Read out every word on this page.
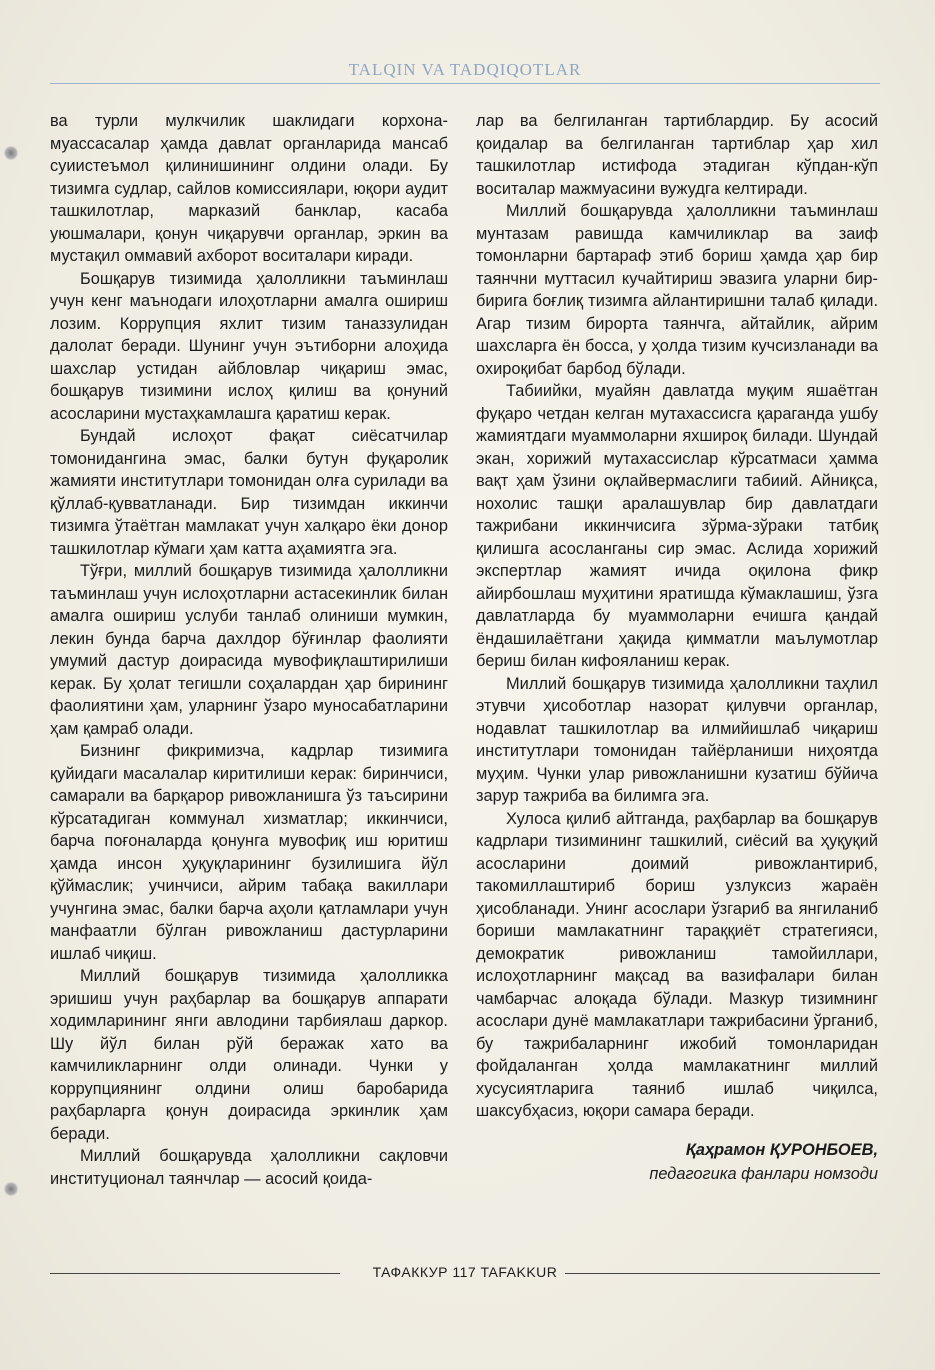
TALQIN VA TADQIQOTLAR

ва турли мулкчилик шаклидаги корхона-муассасалар ҳамда давлат органларида мансаб суиистеъмол қилинишининг олдини олади. Бу тизимга судлар, сайлов комиссиялари, юқори аудит ташкилотлар, марказий банклар, касаба уюшмалари, қонун чиқарувчи органлар, эркин ва мустақил оммавий ахборот воситалари киради.

Бошқарув тизимида ҳалолликни таъминлаш учун кенг маънодаги илоҳотларни амалга ошириш лозим. Коррупция яхлит тизим таназзулидан далолат беради. Шунинг учун эътиборни алоҳида шахслар устидан айбловлар чиқариш эмас, бошқарув тизимини ислоҳ қилиш ва қонуний асосларини мустаҳкамлашга қаратиш керак.

Бундай ислоҳот фақат сиёсатчилар томонидангина эмас, балки бутун фуқаролик жамияти институтлари томонидан олға сурилади ва қўллаб-қувватланади. Бир тизимдан иккинчи тизимга ўтаётган мамлакат учун халқаро ёки донор ташкилотлар кўмаги ҳам катта аҳамиятга эга.

Тўғри, миллий бошқарув тизимида ҳалолликни таъминлаш учун ислоҳотларни астасекинлик билан амалга ошириш услуби танлаб олиниши мумкин, лекин бунда барча дахлдор бўғинлар фаолияти умумий дастур доирасида мувофиқлаштирилиши керак. Бу ҳолат тегишли соҳалардан ҳар бирининг фаолиятини ҳам, уларнинг ўзаро муносабатларини ҳам қамраб олади.

Бизнинг фикримизча, кадрлар тизимига қуйидаги масалалар киритилиши керак: биринчиси, самарали ва барқарор ривожланишга ўз таъсирини кўрсатадиган коммунал хизматлар; иккинчиси, барча поғоналарда қонунга мувофиқ иш юритиш ҳамда инсон ҳуқуқларининг бузилишига йўл қўймаслик; учинчиси, айрим табақа вакиллари учунгина эмас, балки барча аҳоли қатламлари учун манфаатли бўлган ривожланиш дастурларини ишлаб чиқиш.

Миллий бошқарув тизимида ҳалолликка эришиш учун раҳбарлар ва бошқарув аппарати ходимларининг янги авлодини тарбиялаш даркор. Шу йўл билан рўй беражак хато ва камчиликларнинг олди олинади. Чунки у коррупциянинг олдини олиш баробарида раҳбарларга қонун доирасида эркинлик ҳам беради.

Миллий бошқарувда ҳалолликни сақловчи институционал таянчлар — асосий қоида-

лар ва белгиланган тартиблардир. Бу асосий қоидалар ва белгиланган тартиблар ҳар хил ташкилотлар истифода этадиган кўпдан-кўп воситалар мажмуасини вужудга келтиради.

Миллий бошқарувда ҳалолликни таъминлаш мунтазам равишда камчиликлар ва заиф томонларни бартараф этиб бориш ҳамда ҳар бир таянчни муттасил кучайтириш эвазига уларни бир-бирига боғлиқ тизимга айлантиришни талаб қилади. Агар тизим бирорта таянчга, айтайлик, айрим шахсларга ён босса, у ҳолда тизим кучсизланади ва охироқибат барбод бўлади.

Табиийки, муайян давлатда муқим яшаётган фуқаро четдан келган мутахассисга қараганда ушбу жамиятдаги муаммоларни яхшироқ билади. Шундай экан, хорижий мутахассислар кўрсатмаси ҳамма вақт ҳам ўзини оқлайвермаслиги табиий. Айниқса, нохолис ташқи аралашувлар бир давлатдаги тажрибани иккинчисига зўрма-зўраки татбиқ қилишга асосланганы сир эмас. Аслида хорижий экспертлар жамият ичида оқилона фикр айирбошлаш муҳитини яратишда кўмаклашиш, ўзга давлатларда бу муаммоларни ечишга қандай ёндашилаётгани ҳақида қимматли маълумотлар бериш билан кифояланиш керак.

Миллий бошқарув тизимида ҳалолликни таҳлил этувчи ҳисоботлар назорат қилувчи органлар, нодавлат ташкилотлар ва илмийишлаб чиқариш институтлари томонидан тайёрланиши ниҳоятда муҳим. Чунки улар ривожланишни кузатиш бўйича зарур тажриба ва билимга эга.

Хулоса қилиб айтганда, раҳбарлар ва бошқарув кадрлари тизимининг ташкилий, сиёсий ва ҳуқуқий асосларини доимий ривожлантириб, такомиллаштириб бориш узлуксиз жараён ҳисобланади. Унинг асослари ўзгариб ва янгиланиб бориши мамлакатнинг тараққиёт стратегияси, демократик ривожланиш тамойиллари, ислоҳотларнинг мақсад ва вазифалари билан чамбарчас алоқада бўлади. Мазкур тизимнинг асослари дунё мамлакатлари тажрибасини ўрганиб, бу тажрибаларнинг ижобий томонларидан фойдаланган ҳолда мамлакатнинг миллий хусусиятларига таяниб ишлаб чиқилса, шаксубҳасиз, юқори самара беради.

Қаҳрамон ҚУРОНБОЕВ,
педагогика фанлари номзоди
ТАФАККУР 117 TAFAKKUR
